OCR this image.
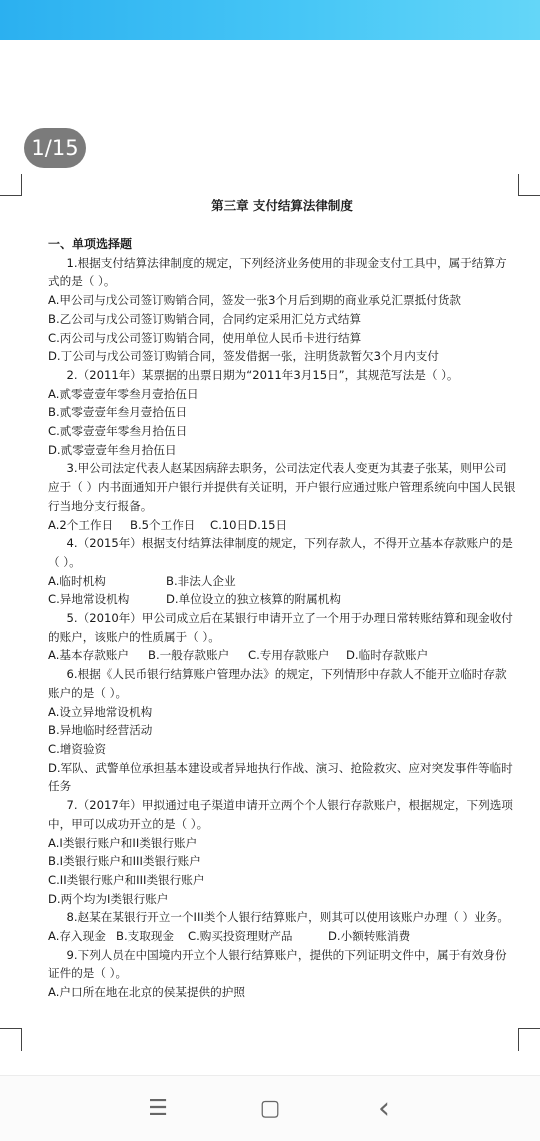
1/15
第三章 支付结算法律制度
一、单项选择题
1.根据支付结算法律制度的规定，下列经济业务使用的非现金支付工具中，属于结算方式的是（ ）。
A.甲公司与戊公司签订购销合同，签发一张3个月后到期的商业承兑汇票抵付货款
B.乙公司与戊公司签订购销合同，合同约定采用汇兑方式结算
C.丙公司与戊公司签订购销合同，使用单位人民币卡进行结算
D.丁公司与戊公司签订购销合同，签发借据一张，注明货款暂欠3个月内支付
2.（2011年）某票据的出票日期为“2011年3月15日”，其规范写法是（ ）。
A.贰零壹壹年零叁月壹拾伍日
B.贰零壹壹年叁月壹拾伍日
C.贰零壹壹年零叁月拾伍日
D.贰零壹壹年叁月拾伍日
3.甲公司法定代表人赵某因病辞去职务，公司法定代表人变更为其妻子张某，则甲公司应于（ ）内书面通知开户银行并提供有关证明，开户银行应通过账户管理系统向中国人民银行当地分支行报备。
A.2个工作日	B.5个工作日	C.10日 D.15日
4.（2015年）根据支付结算法律制度的规定，下列存款人，不得开立基本存款账户的是（ ）。
A.临时机构	B.非法人企业
C.异地常设机构	D.单位设立的独立核算的附属机构
5.（2010年）甲公司成立后在某银行申请开立了一个用于办理日常转账结算和现金收付的账户，该账户的性质属于（ ）。
A.基本存款账户	B.一般存款账户	C.专用存款账户	D.临时存款账户
6.根据《人民币银行结算账户管理办法》的规定，下列情形中存款人不能开立临时存款账户的是（ ）。
A.设立异地常设机构
B.异地临时经营活动
C.增资验资
D.军队、武警单位承担基本建设或者异地执行作战、演习、抢险救灾、应对突发事件等临时任务
7.（2017年）甲拟通过电子渠道申请开立两个个人银行存款账户，根据规定，下列选项中，甲可以成功开立的是（ ）。
A.I类银行账户和II类银行账户
B.I类银行账户和III类银行账户
C.II类银行账户和III类银行账户
D.两个均为I类银行账户
8.赵某在某银行开立一个III类个人银行结算账户，则其可以使用该账户办理（ ）业务。
A.存入现金 B.支取现金	C.购买投资理财产品	D.小额转账消费
9.下列人员在中国境内开立个人银行结算账户，提供的下列证明文件中，属于有效身份证件的是（ ）。
A.户口所在地在北京的侯某提供的护照
☰	▢	‹
